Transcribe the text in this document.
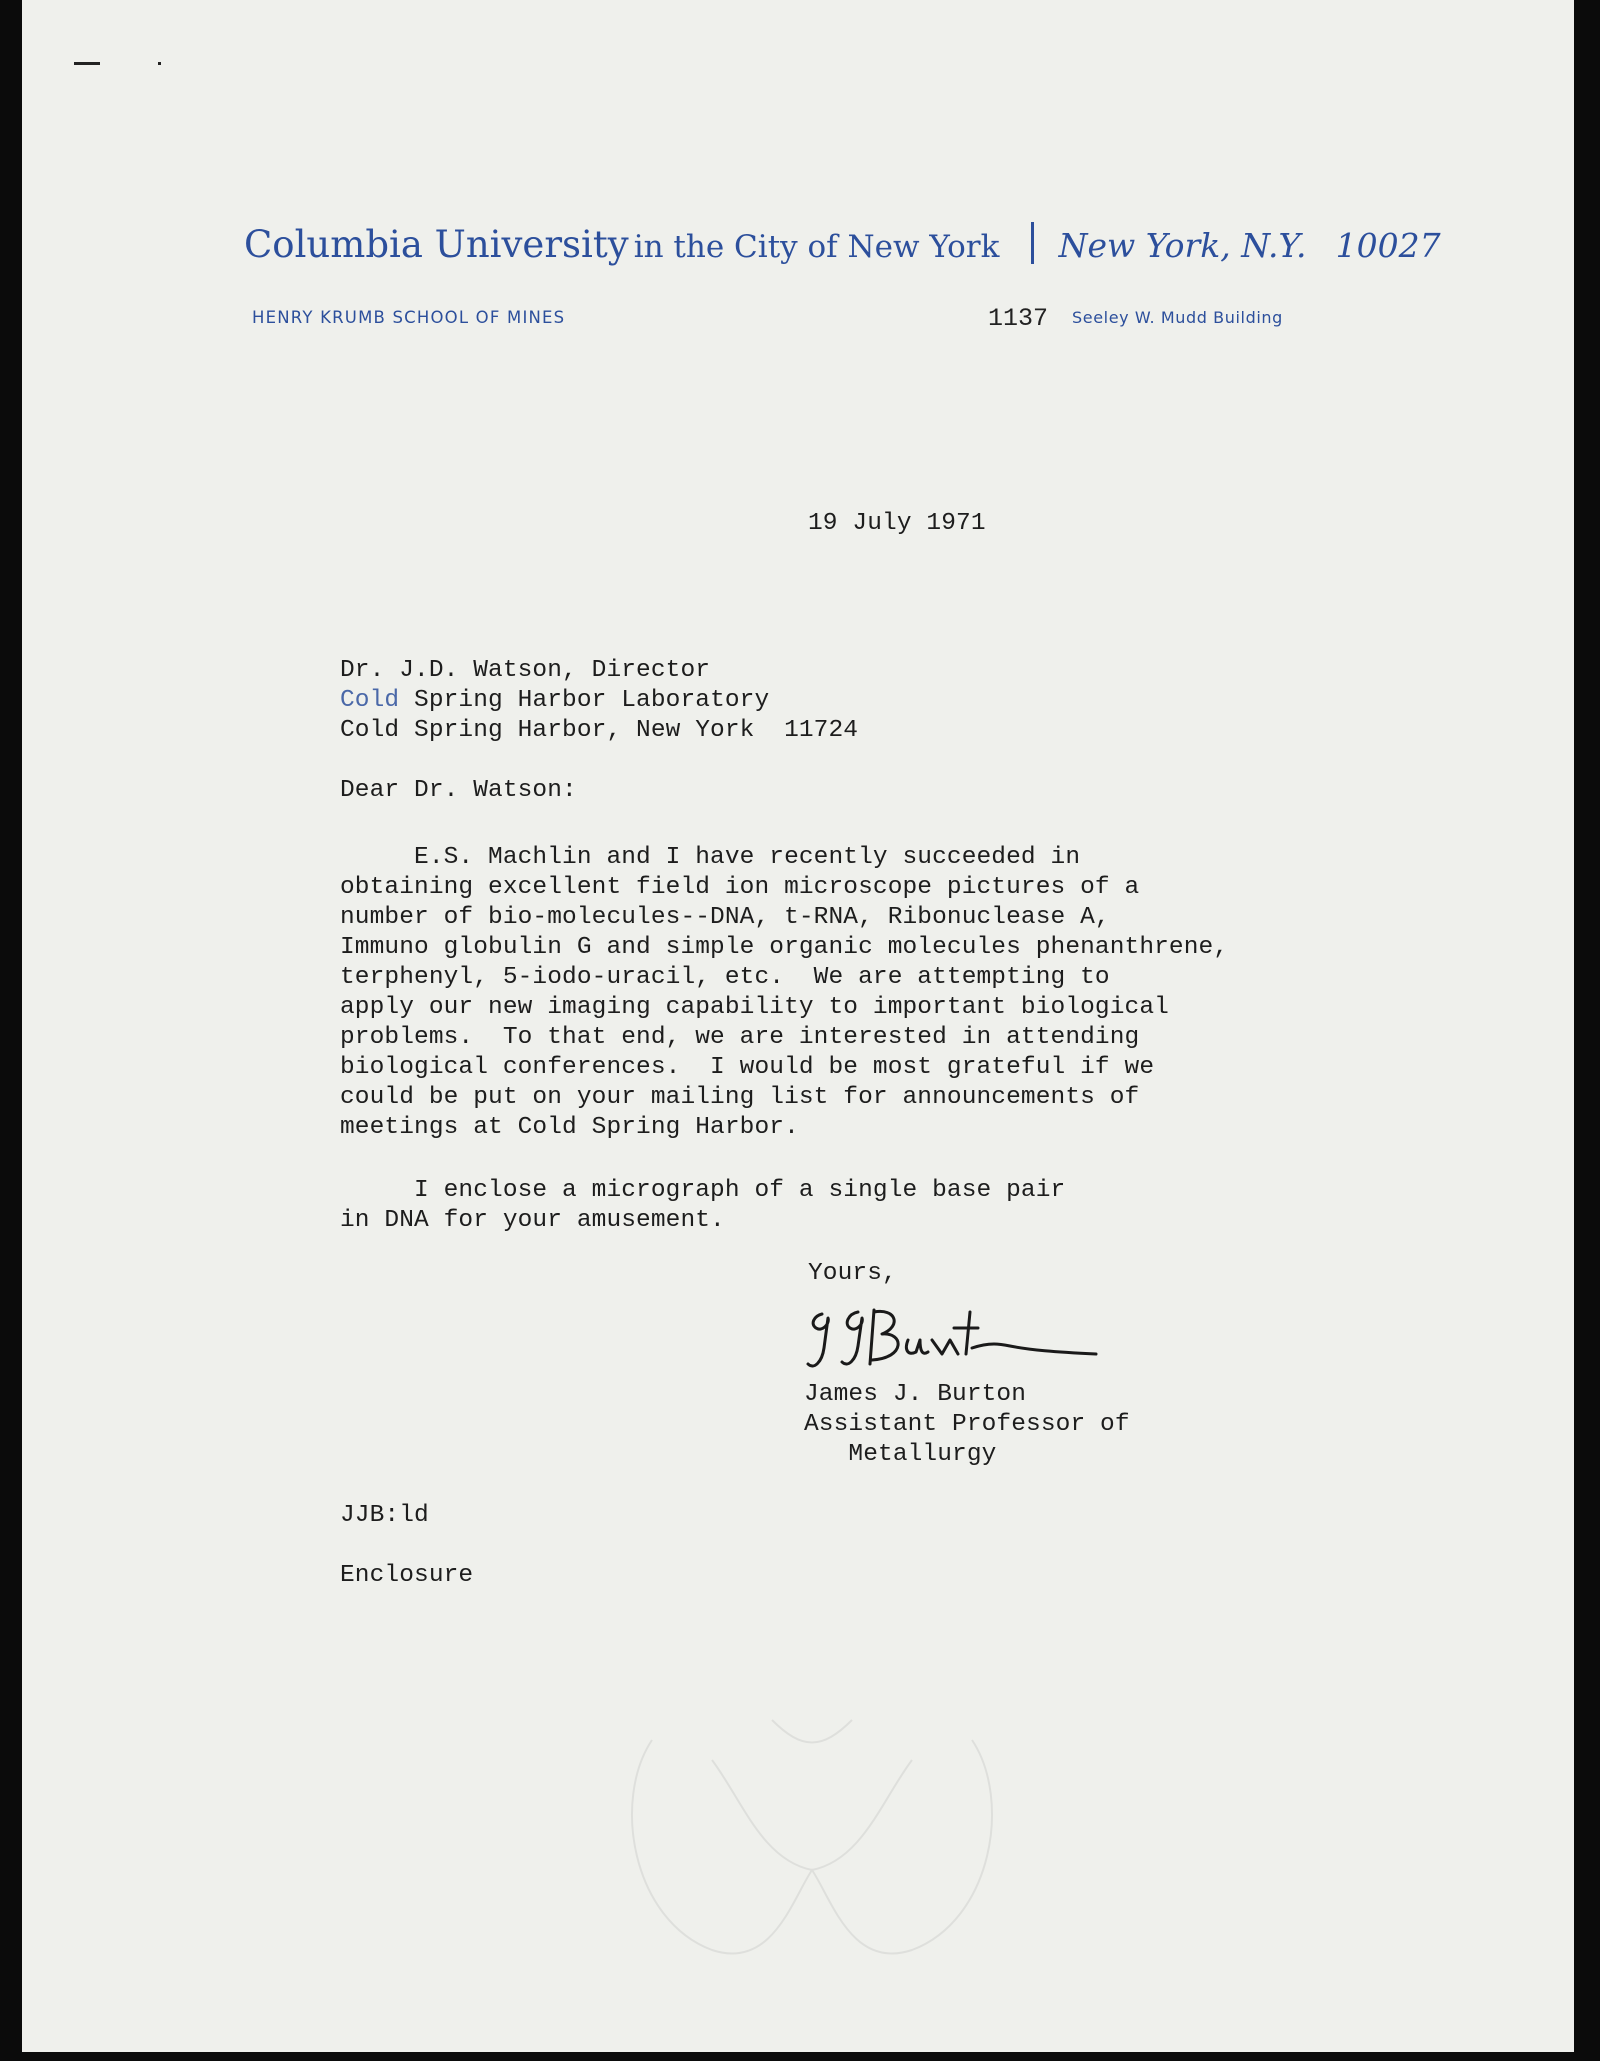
Columbia University in the City of New York New York, N.Y. 10027
HENRY KRUMB SCHOOL OF MINES	1137 Seeley W. Mudd Building
19 July 1971
Dr. J.D. Watson, Director
Cold Spring Harbor Laboratory
Cold Spring Harbor, New York  11724
Dear Dr. Watson:
E.S. Machlin and I have recently succeeded in
obtaining excellent field ion microscope pictures of a
number of bio-molecules--DNA, t-RNA, Ribonuclease A,
Immuno globulin G and simple organic molecules phenanthrene,
terphenyl, 5-iodo-uracil, etc.  We are attempting to
apply our new imaging capability to important biological
problems.  To that end, we are interested in attending
biological conferences.  I would be most grateful if we
could be put on your mailing list for announcements of
meetings at Cold Spring Harbor.
I enclose a micrograph of a single base pair
in DNA for your amusement.
Yours,
James J. Burton
Assistant Professor of
Metallurgy
JJB:ld
Enclosure
